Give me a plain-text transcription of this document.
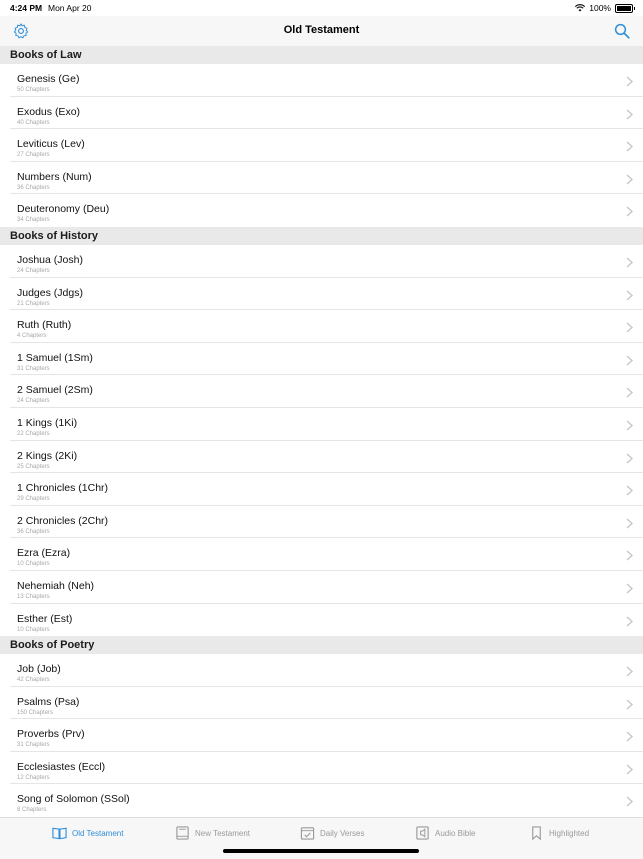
4:24 PM Mon Apr 20	100%
Old Testament
Books of Law
Genesis (Ge)
50 Chapters
Exodus (Exo)
40 Chapters
Leviticus (Lev)
27 Chapters
Numbers (Num)
36 Chapters
Deuteronomy (Deu)
34 Chapters
Books of History
Joshua (Josh)
24 Chapters
Judges (Jdgs)
21 Chapters
Ruth (Ruth)
4 Chapters
1 Samuel (1Sm)
31 Chapters
2 Samuel (2Sm)
24 Chapters
1 Kings (1Ki)
22 Chapters
2 Kings (2Ki)
25 Chapters
1 Chronicles (1Chr)
29 Chapters
2 Chronicles (2Chr)
36 Chapters
Ezra (Ezra)
10 Chapters
Nehemiah (Neh)
13 Chapters
Esther (Est)
10 Chapters
Books of Poetry
Job (Job)
42 Chapters
Psalms (Psa)
150 Chapters
Proverbs (Prv)
31 Chapters
Ecclesiastes (Eccl)
12 Chapters
Song of Solomon (SSol)
8 Chapters
Old Testament	New Testament	Daily Verses	Audio Bible	Highlighted
